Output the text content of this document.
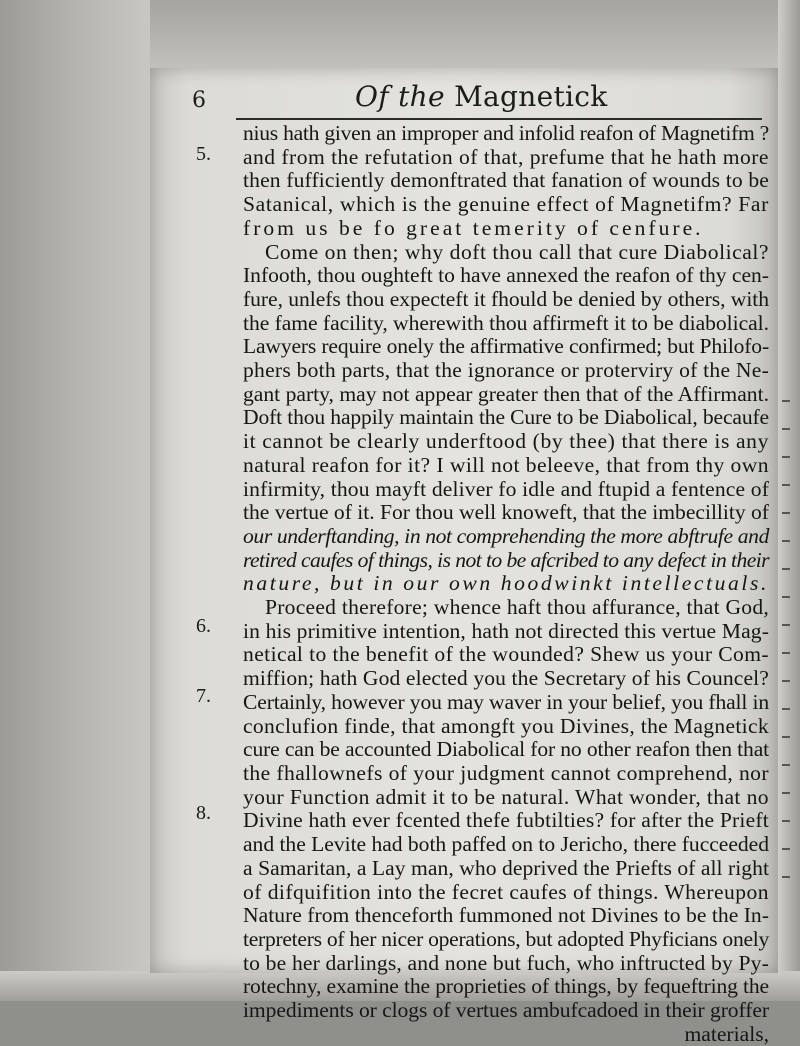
6	Of the Magnetick
5.
6.
7.
8.
nius hath given an improper and infolid reafon of Magnetifm ?
and from the refutation of that, prefume that he hath more
then fufficiently demonftrated that fanation of wounds to be
Satanical, which is the genuine effect of Magnetifm? Far
from us be fo great temerity of cenfure.
Come on then; why doft thou call that cure Diabolical?
Infooth, thou oughteft to have annexed the reafon of thy cen-
fure, unlefs thou expecteft it fhould be denied by others, with
the fame facility, wherewith thou affirmeft it to be diabolical.
Lawyers require onely the affirmative confirmed; but Philofo-
phers both parts, that the ignorance or proterviry of the Ne-
gant party, may not appear greater then that of the Affirmant.
Doft thou happily maintain the Cure to be Diabolical, becaufe
it cannot be clearly underftood (by thee) that there is any
natural reafon for it? I will not beleeve, that from thy own
infirmity, thou mayft deliver fo idle and ftupid a fentence of
the vertue of it. For thou well knoweft, that the imbecillity of
our underftanding, in not comprehending the more abftrufe and
retired caufes of things, is not to be afcribed to any defect in their
nature, but in our own hoodwinkt intellectuals.
Proceed therefore; whence haft thou affurance, that God,
in his primitive intention, hath not directed this vertue Mag-
netical to the benefit of the wounded? Shew us your Com-
miffion; hath God elected you the Secretary of his Councel?
Certainly, however you may waver in your belief, you fhall in
conclufion finde, that amongft you Divines, the Magnetick
cure can be accounted Diabolical for no other reafon then that
the fhallownefs of your judgment cannot comprehend, nor
your Function admit it to be natural. What wonder, that no
Divine hath ever fcented thefe fubtilties? for after the Prieft
and the Levite had both paffed on to Jericho, there fucceeded
a Samaritan, a Lay man, who deprived the Priefts of all right
of difquifition into the fecret caufes of things. Whereupon
Nature from thenceforth fummoned not Divines to be the In-
terpreters of her nicer operations, but adopted Phyficians onely
to be her darlings, and none but fuch, who inftructed by Py-
rotechny, examine the proprieties of things, by fequeftring the
impediments or clogs of vertues ambufcadoed in their groffer
materials,
